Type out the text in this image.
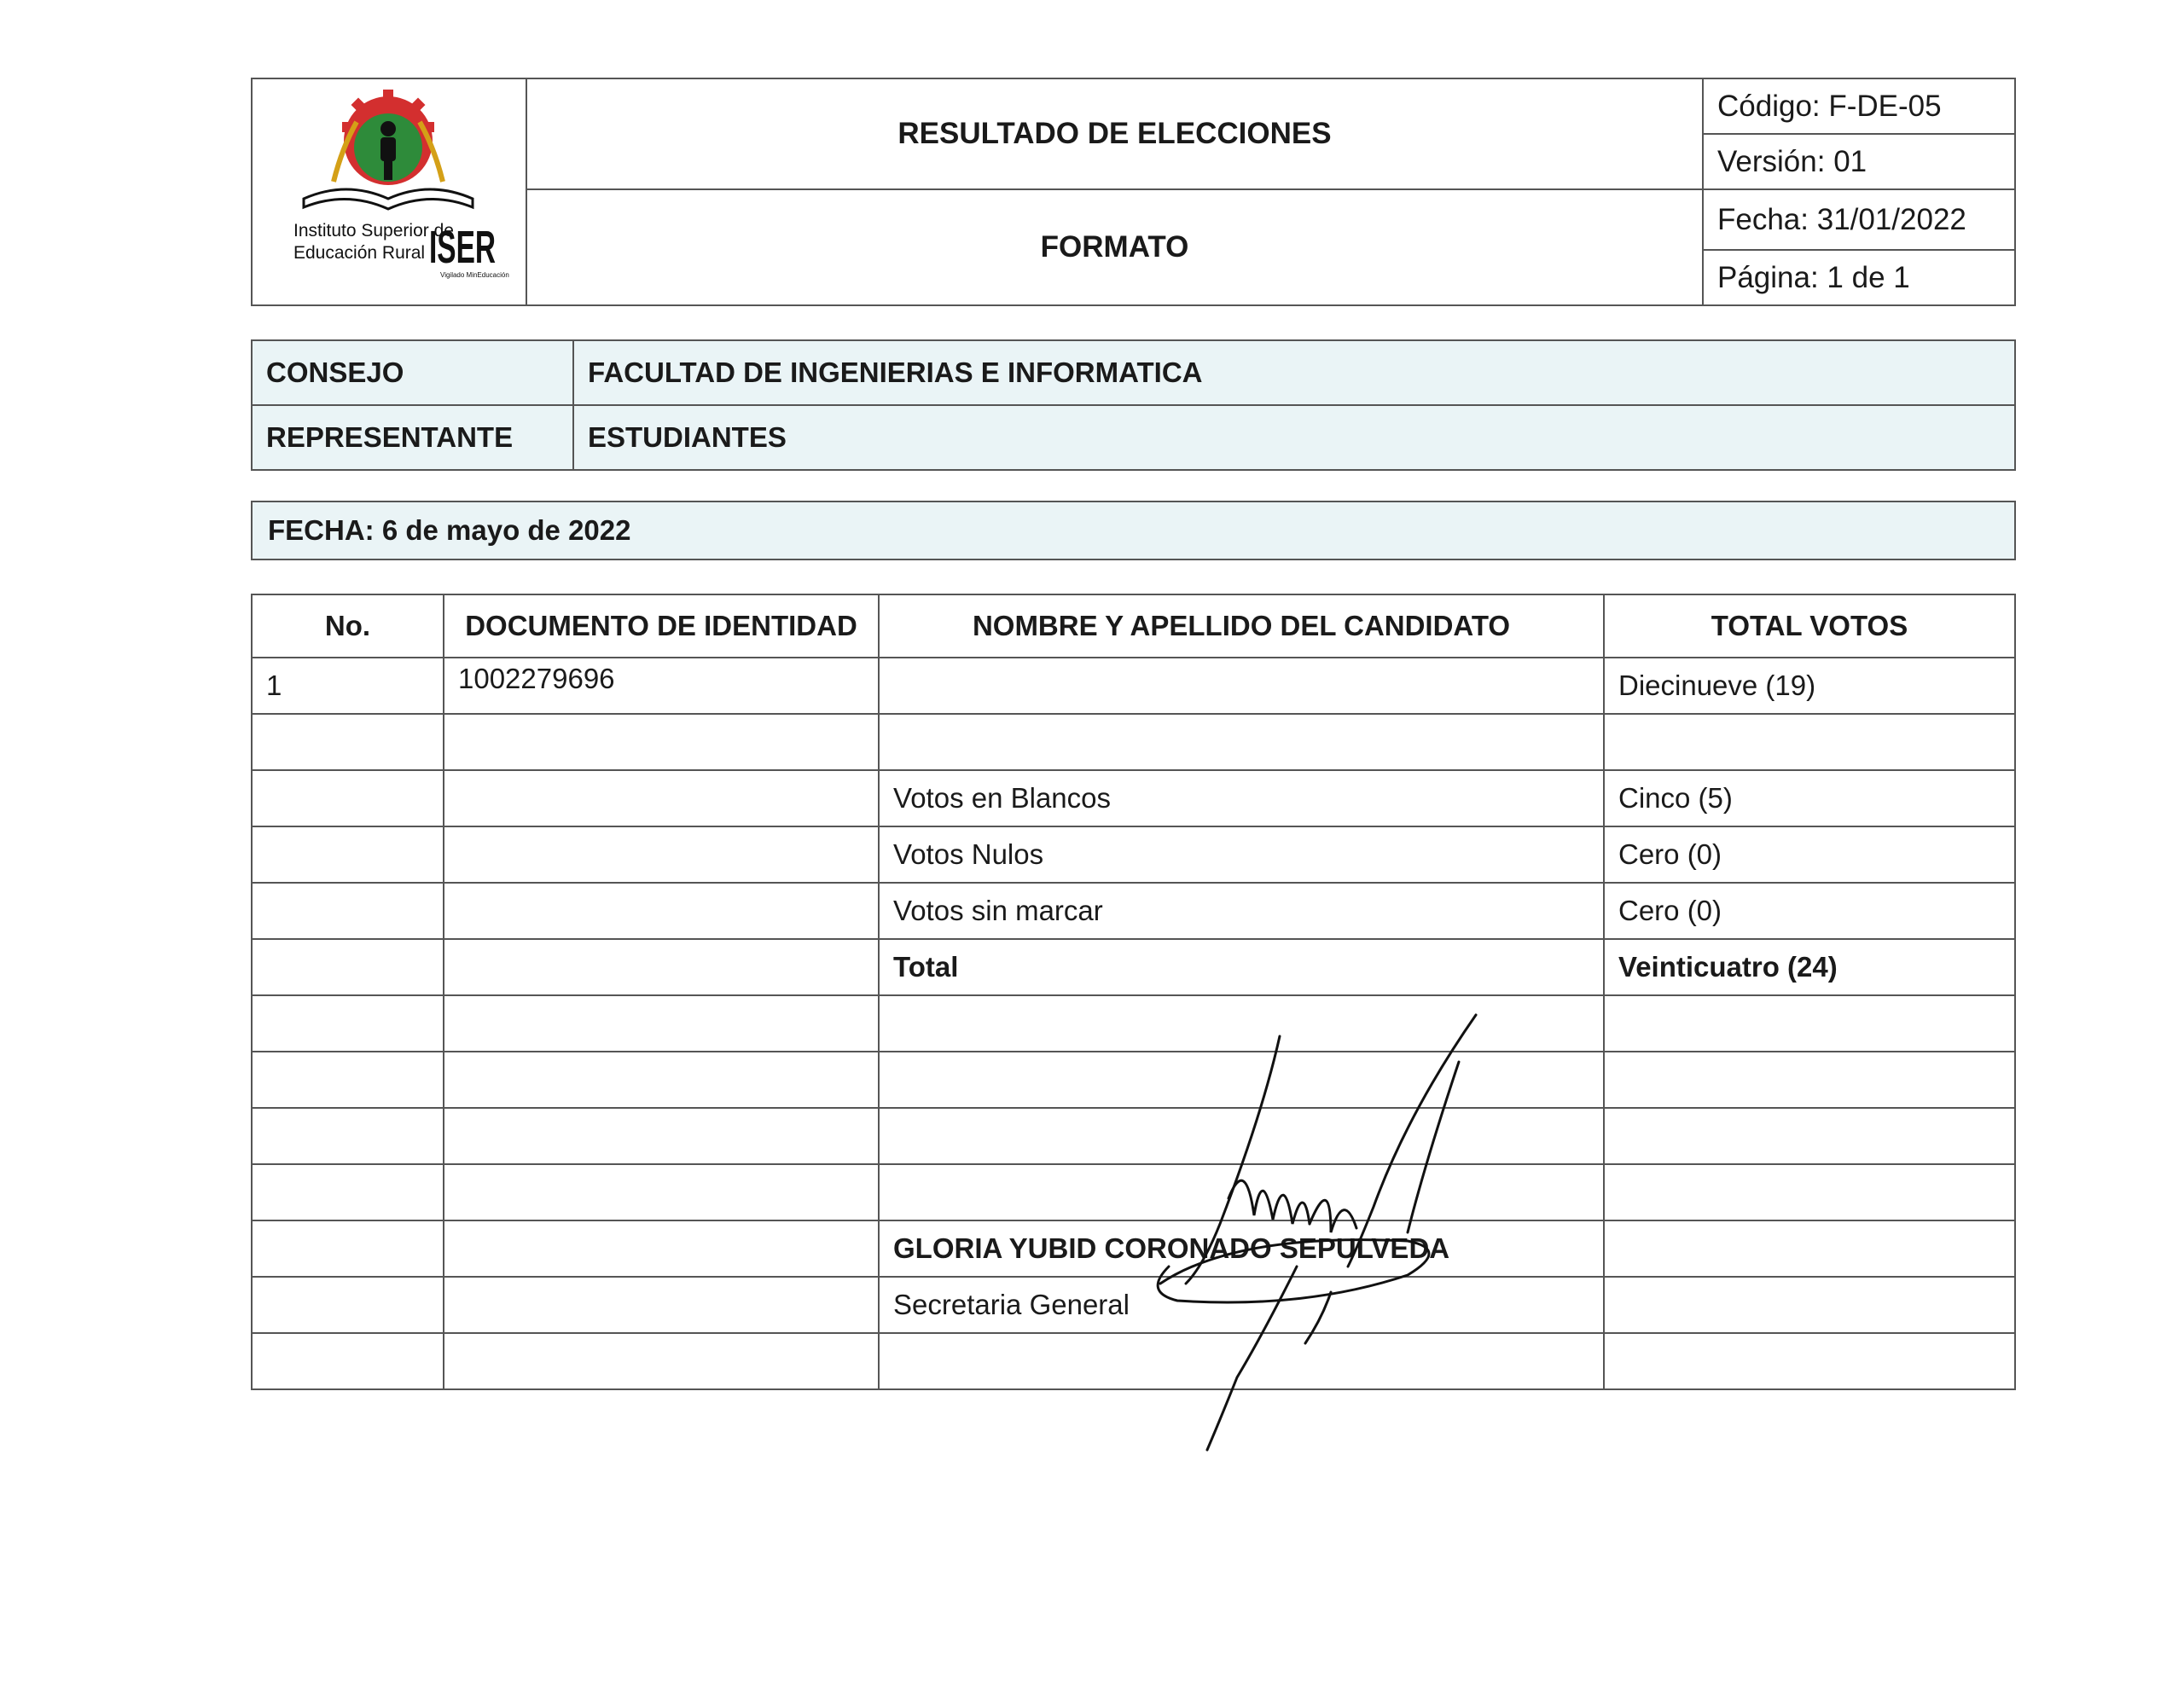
Instituto Superior de
Educación Rural ISER
Vigilado MinEducación	RESULTADO DE ELECCIONES	Código: F-DE-05
		Versión: 01
	FORMATO	Fecha: 31/01/2022
		Página: 1 de 1
CONSEJO	FACULTAD DE INGENIERIAS E INFORMATICA
REPRESENTANTE	ESTUDIANTES
FECHA: 6 de mayo de 2022
No.	DOCUMENTO DE IDENTIDAD	NOMBRE Y APELLIDO DEL CANDIDATO	TOTAL VOTOS
1	1002279696		Diecinueve (19)

		Votos en Blancos	Cinco (5)
		Votos Nulos	Cero (0)
		Votos sin marcar	Cero (0)
		Total	Veinticuatro (24)

		GLORIA YUBID CORONADO SEPULVEDA	
		Secretaria General	
